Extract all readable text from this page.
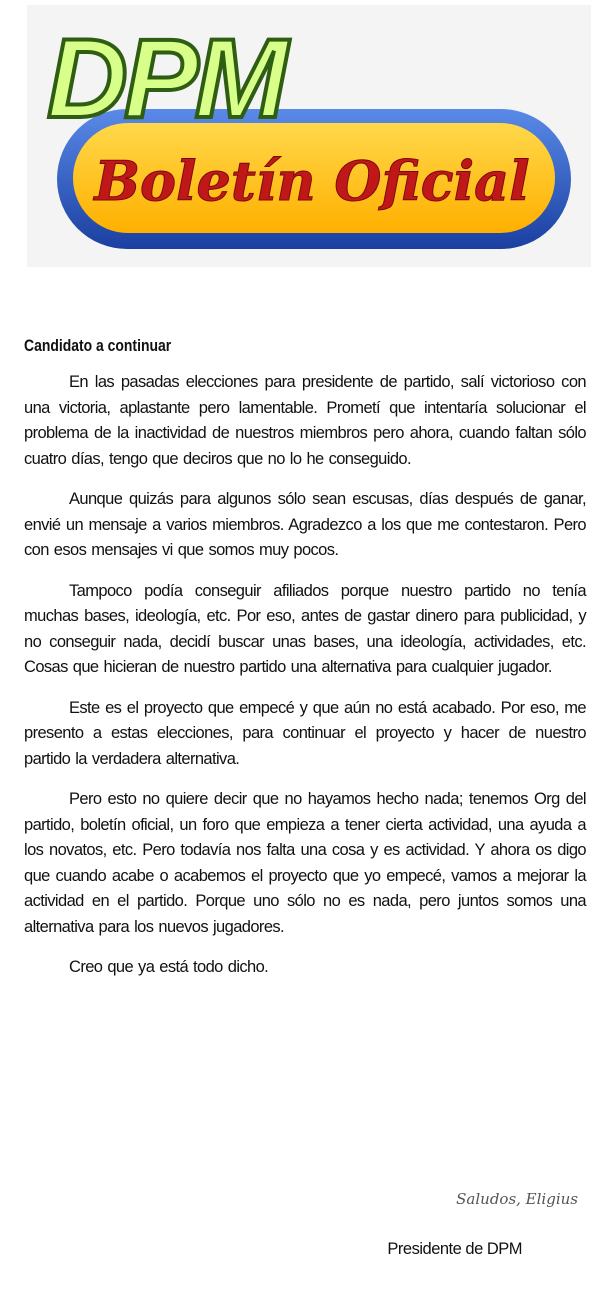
Boletín Oficial
DPM

Candidato a continuar

En las pasadas elecciones para presidente de partido, salí victorioso con una victoria, aplastante pero lamentable. Prometí que intentaría solucionar el problema de la inactividad de nuestros miembros pero ahora, cuando faltan sólo cuatro días, tengo que deciros que no lo he conseguido.

Aunque quizás para algunos sólo sean escusas, días después de ganar, envié un mensaje a varios miembros. Agradezco a los que me contestaron. Pero con esos mensajes vi que somos muy pocos.

Tampoco podía conseguir afiliados porque nuestro partido no tenía muchas bases, ideología, etc. Por eso, antes de gastar dinero para publicidad, y no conseguir nada, decidí buscar unas bases, una ideología, actividades, etc. Cosas que hicieran de nuestro partido una alternativa para cualquier jugador.

Este es el proyecto que empecé y que aún no está acabado. Por eso, me presento a estas elecciones, para continuar el proyecto y hacer de nuestro partido la verdadera alternativa.

Pero esto no quiere decir que no hayamos hecho nada; tenemos Org del partido, boletín oficial, un foro que empieza a tener cierta actividad, una ayuda a los novatos, etc. Pero todavía nos falta una cosa y es actividad. Y ahora os digo que cuando acabe o acabemos el proyecto que yo empecé, vamos a mejorar la actividad en el partido. Porque uno sólo no es nada, pero juntos somos una alternativa para los nuevos jugadores.

Creo que ya está todo dicho.

Saludos, Eligius
Presidente de DPM
